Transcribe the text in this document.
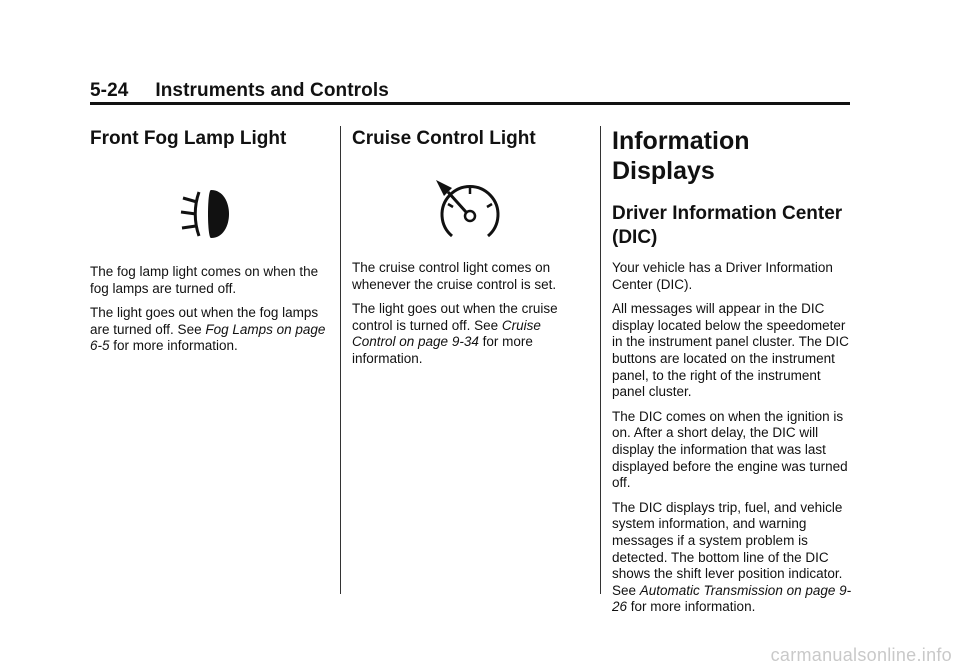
5-24     Instruments and Controls
Front Fog Lamp Light

The fog lamp light comes on when the fog lamps are turned off.

The light goes out when the fog lamps are turned off. See Fog Lamps on page 6-5 for more information.

Cruise Control Light

The cruise control light comes on whenever the cruise control is set.

The light goes out when the cruise control is turned off. See Cruise Control on page 9-34 for more information.

Information Displays
Driver Information Center (DIC)

Your vehicle has a Driver Information Center (DIC).

All messages will appear in the DIC display located below the speedometer in the instrument panel cluster. The DIC buttons are located on the instrument panel, to the right of the instrument panel cluster.

The DIC comes on when the ignition is on. After a short delay, the DIC will display the information that was last displayed before the engine was turned off.

The DIC displays trip, fuel, and vehicle system information, and warning messages if a system problem is detected. The bottom line of the DIC shows the shift lever position indicator. See Automatic Transmission on page 9-26 for more information.

carmanualsonline.info
